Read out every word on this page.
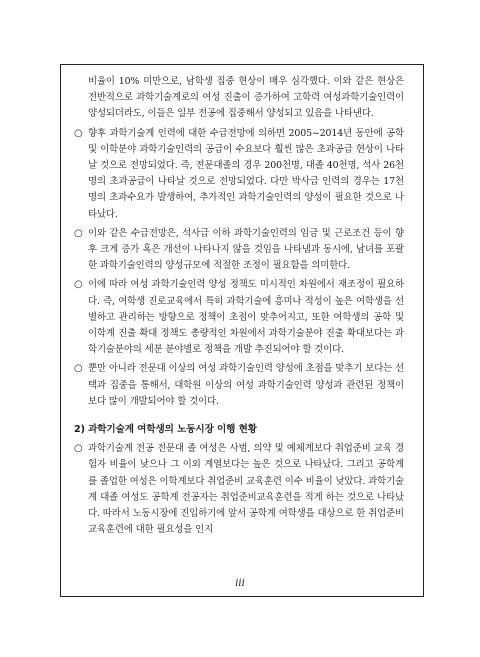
비율이 10% 미만으로, 남학생 집중 현상이 매우 심각했다. 이와 같은 현상은 전반적으로 과학기술계로의 여성 진출이 증가하여 고학력 여성과학기술인력이 양성되더라도, 이들은 일부 전공에 집중해서 양성되고 있음을 나타낸다.

○ 향후 과학기술계 인력에 대한 수급전망에 의하면 2005~2014년 동안에 공학 및 이학분야 과학기술인력의 공급이 수요보다 훨씬 많은 초과공급 현상이 나타날 것으로 전망되었다. 즉, 전문대졸의 경우 200천명, 대졸 40천명, 석사 26천명의 초과공급이 나타날 것으로 전망되었다. 다만 박사급 인력의 경우는 17천명의 초과수요가 발생하여, 추가적인 과학기술인력의 양성이 필요한 것으로 나타났다.
○ 이와 같은 수급전망은, 석사급 이하 과학기술인력의 임금 및 근로조건 등이 향후 크게 증가 혹은 개선이 나타나지 않을 것임을 나타냄과 동시에, 남녀를 포괄한 과학기술인력의 양성규모에 적절한 조정이 필요함을 의미한다.
○ 이에 따라 여성 과학기술인력 양성 정책도 미시적인 차원에서 재조정이 필요하다. 즉, 여학생 진로교육에서 특히 과학기술에 흥미나 적성이 높은 여학생을 선별하고 관리하는 방향으로 정책이 초점이 맞추어지고, 또한 여학생의 공학 및 이학계 진출 확대 정책도 총량적인 차원에서 과학기술분야 진출 확대보다는 과학기술분야의 세분 분야별로 정책을 개발 추진되어야 할 것이다.
○ 뿐만 아니라 전문대 이상의 여성 과학기술인력 양성에 초점을 맞추기 보다는 선택과 집중을 통해서, 대학원 이상의 여성 과학기술인력 양성과 관련된 정책이 보다 많이 개발되어야 할 것이다.
2) 과학기술계 여학생의 노동시장 이행 현황
○ 과학기술계 전공 전문대 졸 여성은 사범, 의약 및 예체계보다 취업준비 교육 경험자 비율이 낮으나 그 이외 계열보다는 높은 것으로 나타났다. 그리고 공학계를 졸업한 여성은 이학계보다 취업준비 교육훈련 이수 비율이 낮았다. 과학기술계 대졸 여성도 공학계 전공자는 취업준비교육훈련을 적게 하는 것으로 나타났다. 따라서 노동시장에 진입하기에 앞서 공학계 여학생을 대상으로 한 취업준비 교육훈련에 대한 필요성을 인지
iii
